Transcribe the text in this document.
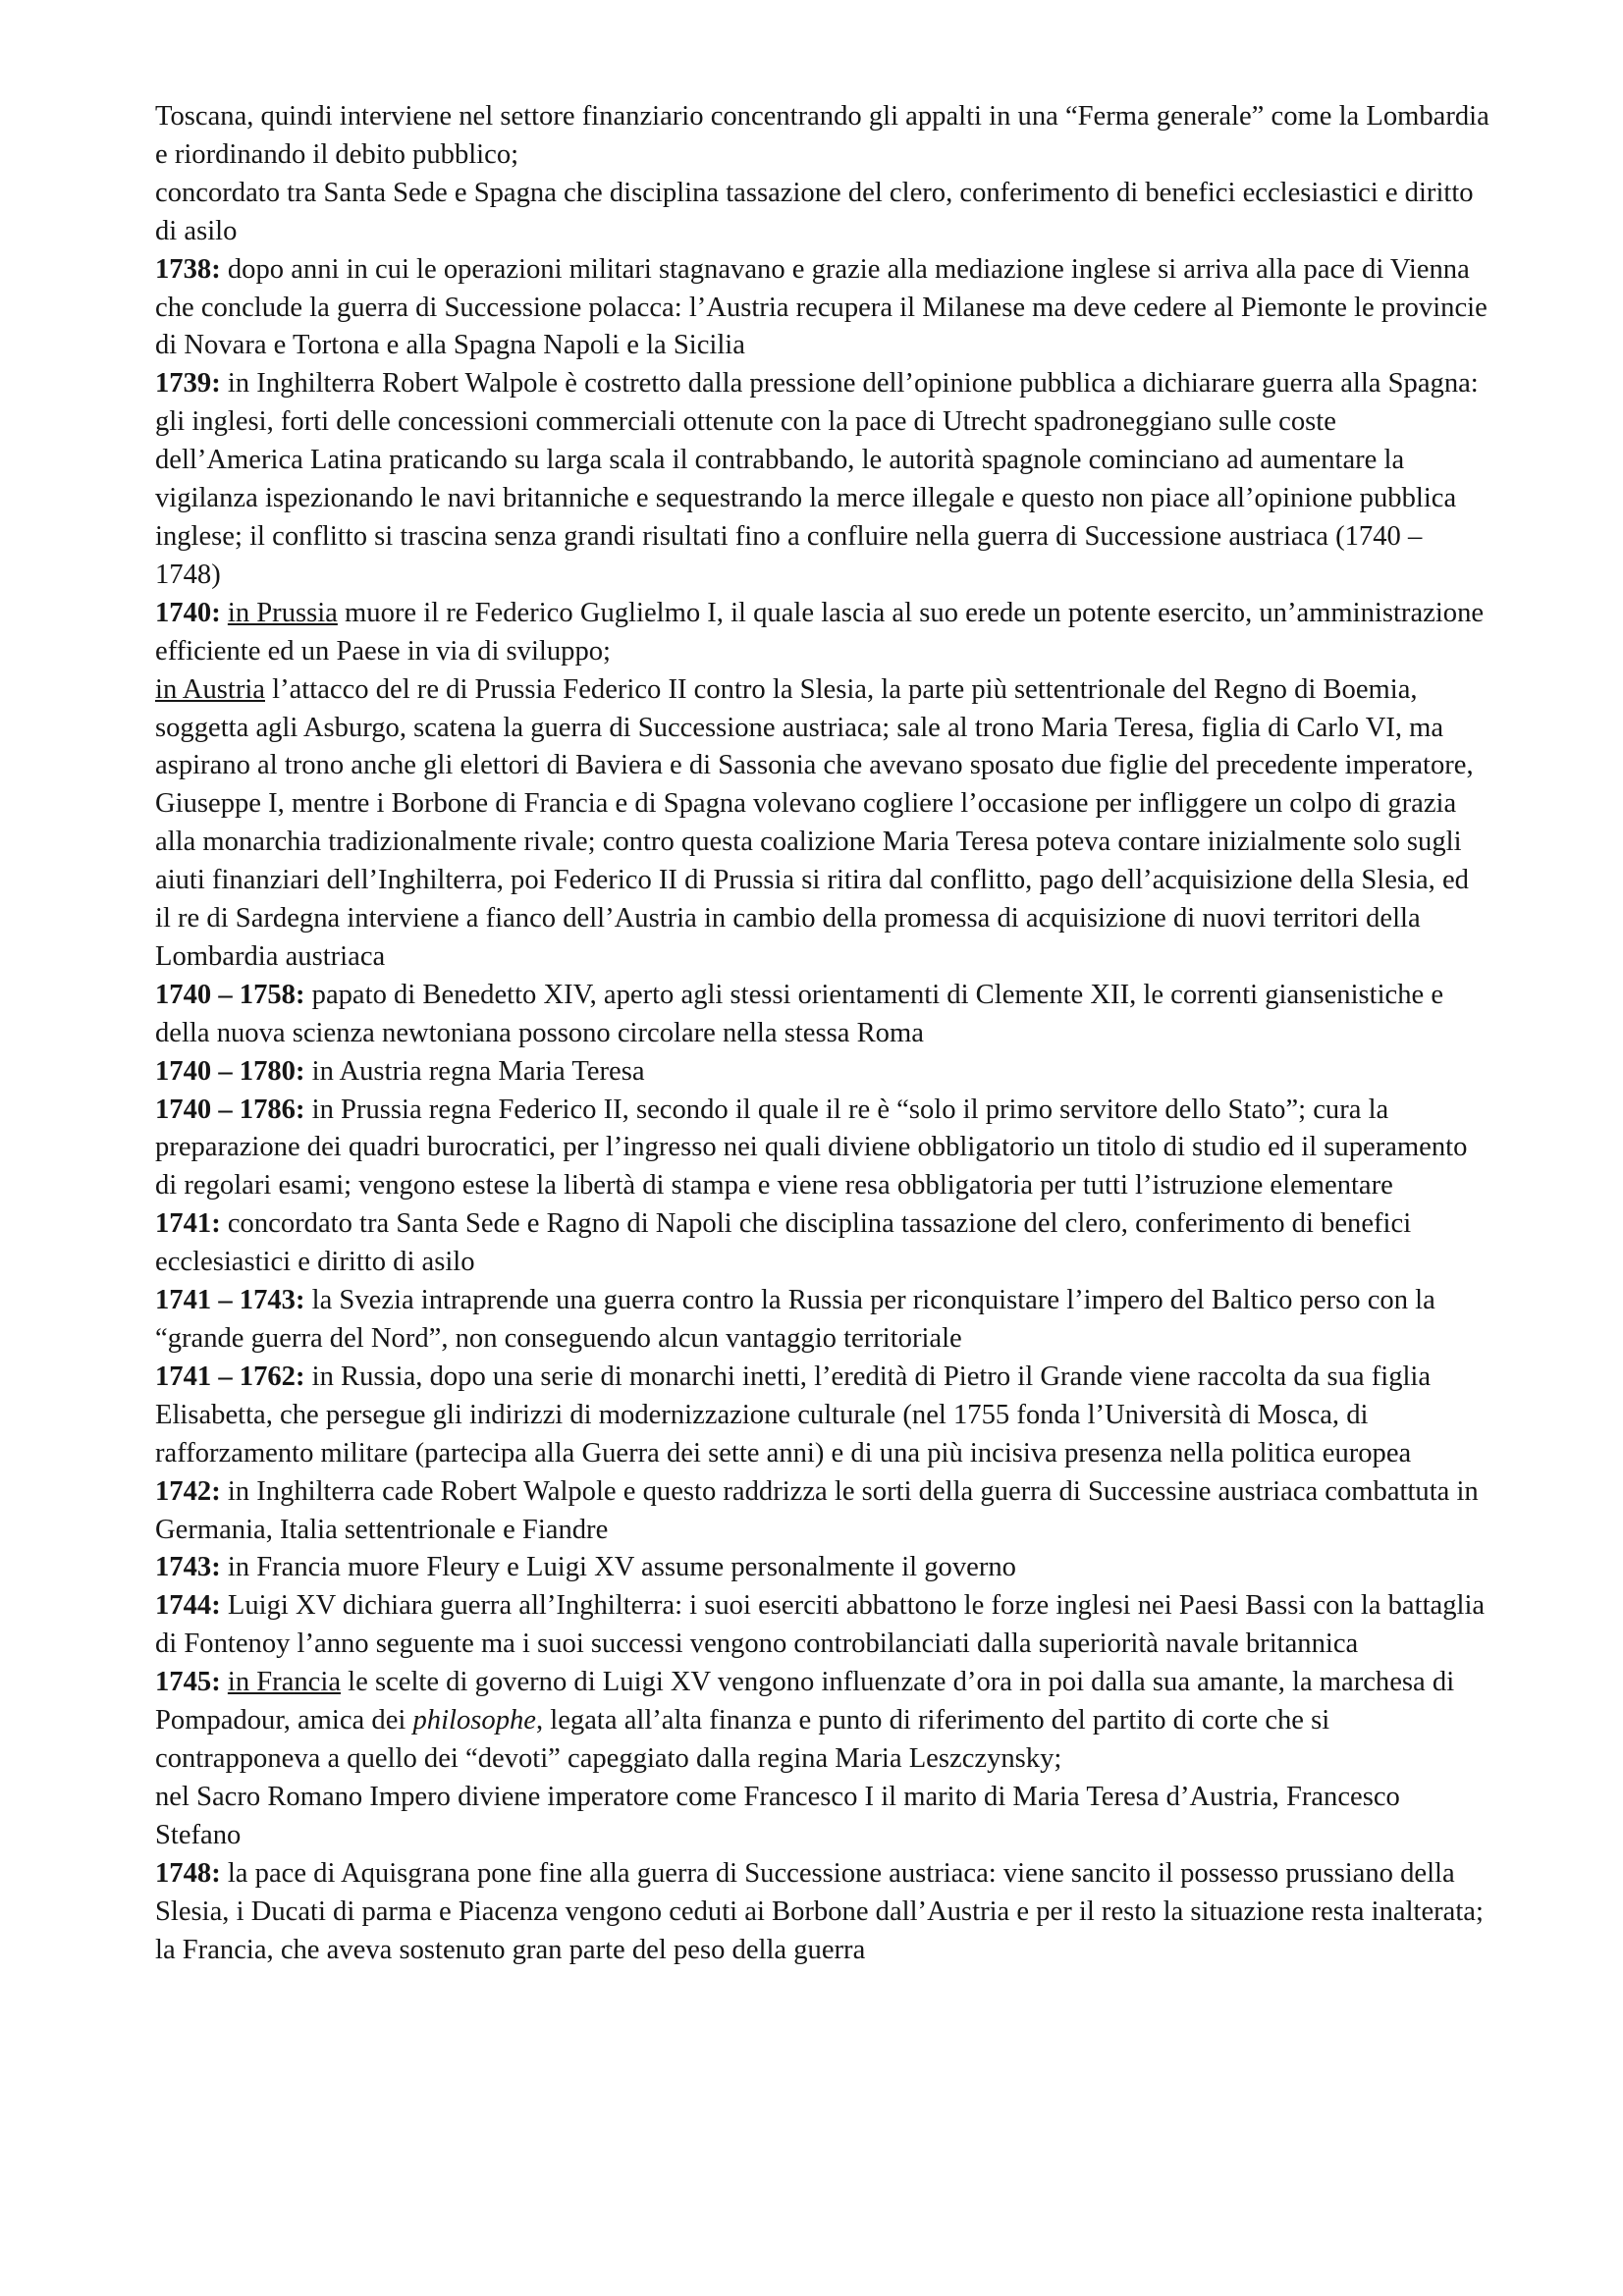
Toscana, quindi interviene nel settore finanziario concentrando gli appalti in una “Ferma generale” come la Lombardia e riordinando il debito pubblico;

concordato tra Santa Sede e Spagna che disciplina tassazione del clero, conferimento di benefici ecclesiastici e diritto di asilo

1738: dopo anni in cui le operazioni militari stagnavano e grazie alla mediazione inglese si arriva alla pace di Vienna che conclude la guerra di Successione polacca: l’Austria recupera il Milanese ma deve cedere al Piemonte le provincie di Novara e Tortona e alla Spagna Napoli e la Sicilia

1739: in Inghilterra Robert Walpole è costretto dalla pressione dell’opinione pubblica a dichiarare guerra alla Spagna: gli inglesi, forti delle concessioni commerciali ottenute con la pace di Utrecht spadroneggiano sulle coste dell’America Latina praticando su larga scala il contrabbando, le autorità spagnole cominciano ad aumentare la vigilanza ispezionando le navi britanniche e sequestrando la merce illegale e questo non piace all’opinione pubblica inglese; il conflitto si trascina senza grandi risultati fino a confluire nella guerra di Successione austriaca (1740 – 1748)

1740: in Prussia muore il re Federico Guglielmo I, il quale lascia al suo erede un potente esercito, un’amministrazione efficiente ed un Paese in via di sviluppo;

in Austria l’attacco del re di Prussia Federico II contro la Slesia, la parte più settentrionale del Regno di Boemia, soggetta agli Asburgo, scatena la guerra di Successione austriaca; sale al trono Maria Teresa, figlia di Carlo VI, ma aspirano al trono anche gli elettori di Baviera e di Sassonia che avevano sposato due figlie del precedente imperatore, Giuseppe I, mentre i Borbone di Francia e di Spagna volevano cogliere l’occasione per infliggere un colpo di grazia alla monarchia tradizionalmente rivale; contro questa coalizione Maria Teresa poteva contare inizialmente solo sugli aiuti finanziari dell’Inghilterra, poi Federico II di Prussia si ritira dal conflitto, pago dell’acquisizione della Slesia, ed il re di Sardegna interviene a fianco dell’Austria in cambio della promessa di acquisizione di nuovi territori della Lombardia austriaca

1740 – 1758: papato di Benedetto XIV, aperto agli stessi orientamenti di Clemente XII, le correnti giansenistiche e della nuova scienza newtoniana possono circolare nella stessa Roma

1740 – 1780: in Austria regna Maria Teresa

1740 – 1786: in Prussia regna Federico II, secondo il quale il re è “solo il primo servitore dello Stato”; cura la preparazione dei quadri burocratici, per l’ingresso nei quali diviene obbligatorio un titolo di studio ed il superamento di regolari esami; vengono estese la libertà di stampa e viene resa obbligatoria per tutti l’istruzione elementare

1741: concordato tra Santa Sede e Ragno di Napoli che disciplina tassazione del clero, conferimento di benefici ecclesiastici e diritto di asilo

1741 – 1743: la Svezia intraprende una guerra contro la Russia per riconquistare l’impero del Baltico perso con la “grande guerra del Nord”, non conseguendo alcun vantaggio territoriale

1741 – 1762: in Russia, dopo una serie di monarchi inetti, l’eredità di Pietro il Grande viene raccolta da sua figlia Elisabetta, che persegue gli indirizzi di modernizzazione culturale (nel 1755 fonda l’Università di Mosca, di rafforzamento militare (partecipa alla Guerra dei sette anni) e di una più incisiva presenza nella politica europea

1742: in Inghilterra cade Robert Walpole e questo raddrizza le sorti della guerra di Successine austriaca combattuta in Germania, Italia settentrionale e Fiandre

1743: in Francia muore Fleury e Luigi XV assume personalmente il governo

1744: Luigi XV dichiara guerra all’Inghilterra: i suoi eserciti abbattono le forze inglesi nei Paesi Bassi con la battaglia di Fontenoy l’anno seguente ma i suoi successi vengono controbilanciati dalla superiorità navale britannica

1745: in Francia le scelte di governo di Luigi XV vengono influenzate d’ora in poi dalla sua amante, la marchesa di Pompadour, amica dei philosophe, legata all’alta finanza e punto di riferimento del partito di corte che si contrapponeva a quello dei “devoti” capeggiato dalla regina Maria Leszczynsky;

nel Sacro Romano Impero diviene imperatore come Francesco I il marito di Maria Teresa d’Austria, Francesco Stefano

1748: la pace di Aquisgrana pone fine alla guerra di Successione austriaca: viene sancito il possesso prussiano della Slesia, i Ducati di parma e Piacenza vengono ceduti ai Borbone dall’Austria e per il resto la situazione resta inalterata; la Francia, che aveva sostenuto gran parte del peso della guerra
